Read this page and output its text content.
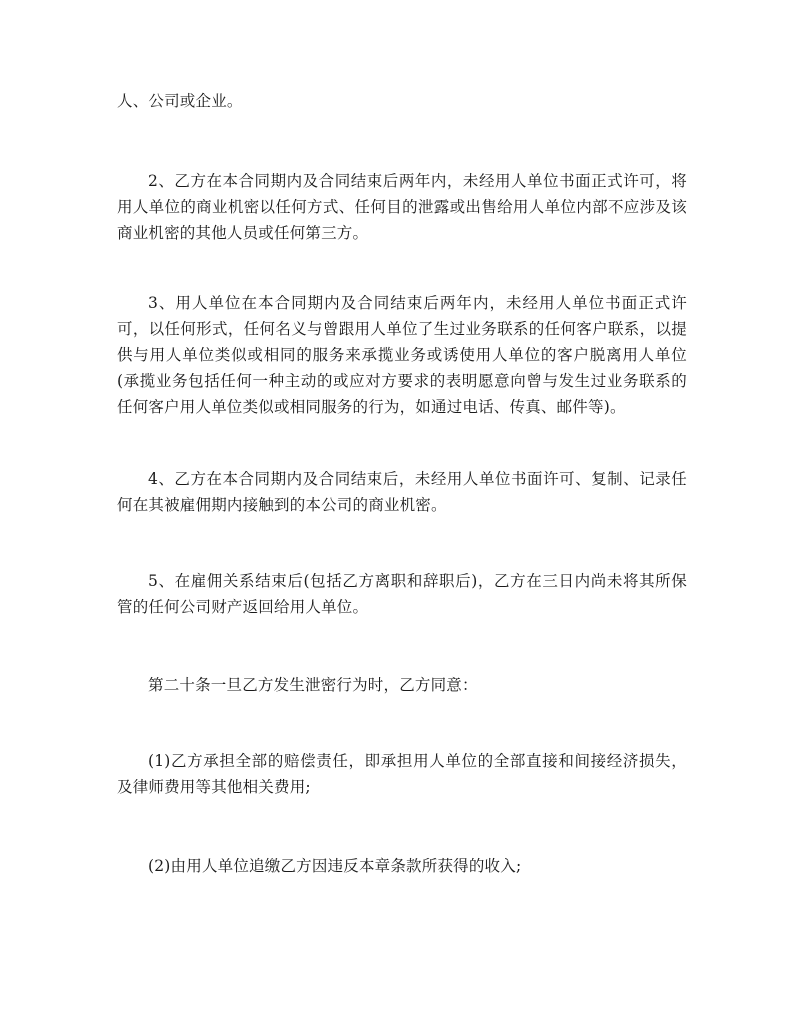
人、公司或企业。

2、乙方在本合同期内及合同结束后两年内，未经用人单位书面正式许可，将用人单位的商业机密以任何方式、任何目的泄露或出售给用人单位内部不应涉及该商业机密的其他人员或任何第三方。

3、用人单位在本合同期内及合同结束后两年内，未经用人单位书面正式许可，以任何形式，任何名义与曾跟用人单位了生过业务联系的任何客户联系，以提供与用人单位类似或相同的服务来承揽业务或诱使用人单位的客户脱离用人单位(承揽业务包括任何一种主动的或应对方要求的表明愿意向曾与发生过业务联系的任何客户用人单位类似或相同服务的行为，如通过电话、传真、邮件等)。

4、乙方在本合同期内及合同结束后，未经用人单位书面许可、复制、记录任何在其被雇佣期内接触到的本公司的商业机密。

5、在雇佣关系结束后(包括乙方离职和辞职后)，乙方在三日内尚未将其所保管的任何公司财产返回给用人单位。

第二十条一旦乙方发生泄密行为时，乙方同意：

(1)乙方承担全部的赔偿责任，即承担用人单位的全部直接和间接经济损失，及律师费用等其他相关费用;

(2)由用人单位追缴乙方因违反本章条款所获得的收入;
